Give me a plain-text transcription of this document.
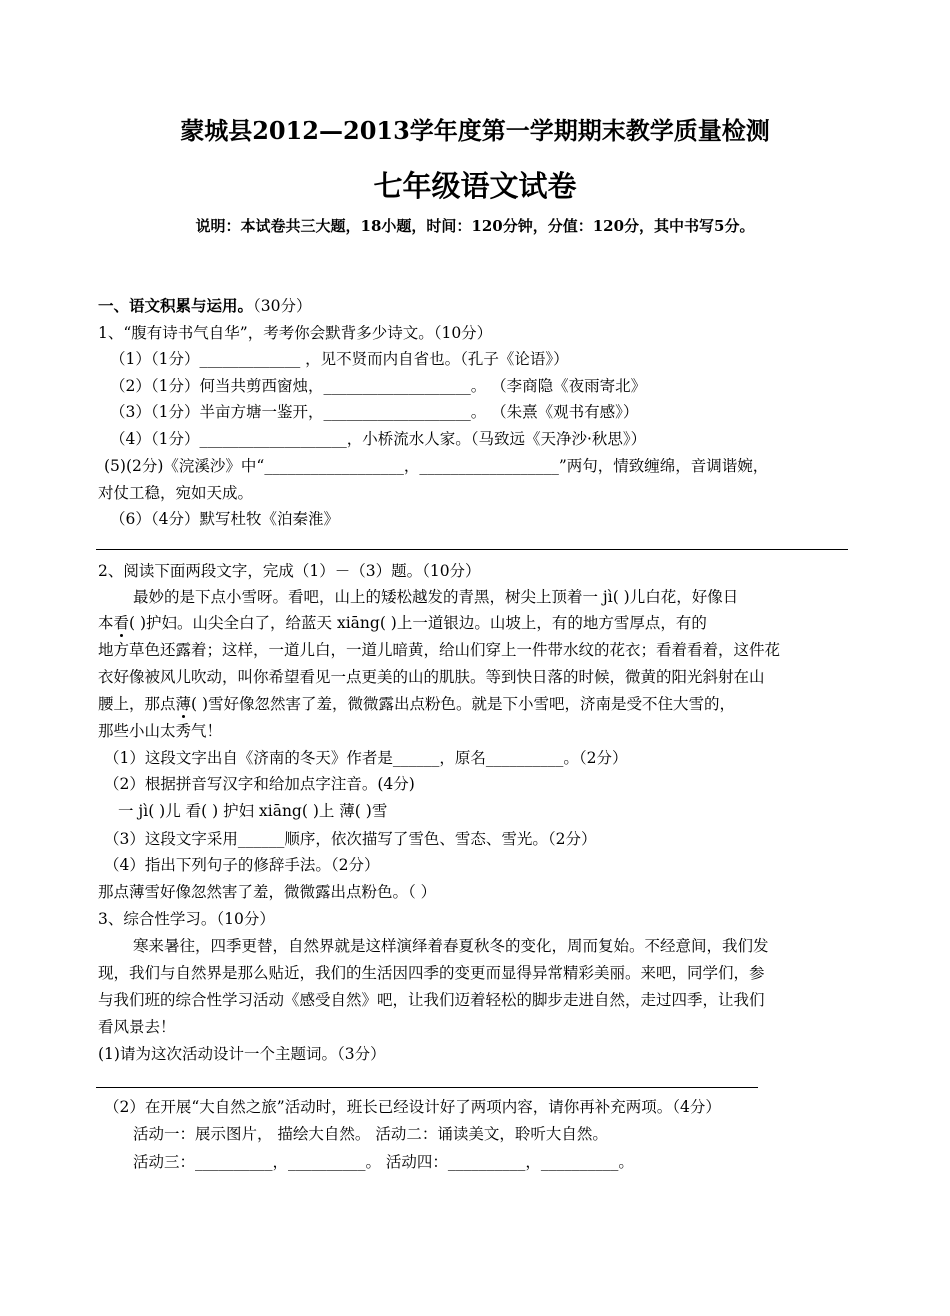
蒙城县2012—2013学年度第一学期期末教学质量检测
七年级语文试卷
说明：本试卷共三大题，18小题，时间：120分钟，分值：120分，其中书写5分。
一、语文积累与运用。（30分）
1、“腹有诗书气自华”，考考你会默背多少诗文。（10分）
（1）（1分）_____________ ，见不贤而内自省也。（孔子《论语》）
（2）（1分）何当共剪西窗烛，___________________。 （李商隐《夜雨寄北》
（3）（1分）半亩方塘一鉴开，___________________。 （朱熹《观书有感》）
（4）（1分）___________________，小桥流水人家。（马致远《天净沙·秋思》）
(5)(2分)《浣溪沙》中“__________________，__________________”两句，情致缠绵，音调谐婉，
对仗工稳，宛如天成。
（6）（4分）默写杜牧《泊秦淮》
2、阅读下面两段文字，完成（1）－（3）题。（10分）
最妙的是下点小雪呀。看吧，山上的矮松越发的青黑，树尖上顶着一 jì( )儿白花，好像日
本看( )护妇。山尖全白了，给蓝天 xiāng( )上一道银边。山坡上，有的地方雪厚点，有的
地方草色还露着；这样，一道儿白，一道儿暗黄，给山们穿上一件带水纹的花衣；看着看着，这件花
衣好像被风儿吹动，叫你希望看见一点更美的山的肌肤。等到快日落的时候，微黄的阳光斜射在山
腰上，那点薄( )雪好像忽然害了羞，微微露出点粉色。就是下小雪吧，济南是受不住大雪的，
那些小山太秀气！
（1）这段文字出自《济南的冬天》作者是______，原名__________。（2分）
（2）根据拼音写汉字和给加点字注音。(4分)
一 jì( )儿 看( ) 护妇 xiāng( )上 薄( )雪
（3）这段文字采用______顺序，依次描写了雪色、雪态、雪光。（2分）
（4）指出下列句子的修辞手法。（2分）
那点薄雪好像忽然害了羞，微微露出点粉色。（ ）
3、综合性学习。（10分）
寒来暑往，四季更替，自然界就是这样演绎着春夏秋冬的变化，周而复始。不经意间，我们发
现，我们与自然界是那么贴近，我们的生活因四季的变更而显得异常精彩美丽。来吧，同学们，参
与我们班的综合性学习活动《感受自然》吧，让我们迈着轻松的脚步走进自然，走过四季，让我们
看风景去！
(1)请为这次活动设计一个主题词。（3分）
（2）在开展“大自然之旅”活动时，班长已经设计好了两项内容，请你再补充两项。（4分）
活动一：展示图片， 描绘大自然。 活动二：诵读美文，聆听大自然。
活动三：__________，__________。 活动四：__________，__________。
